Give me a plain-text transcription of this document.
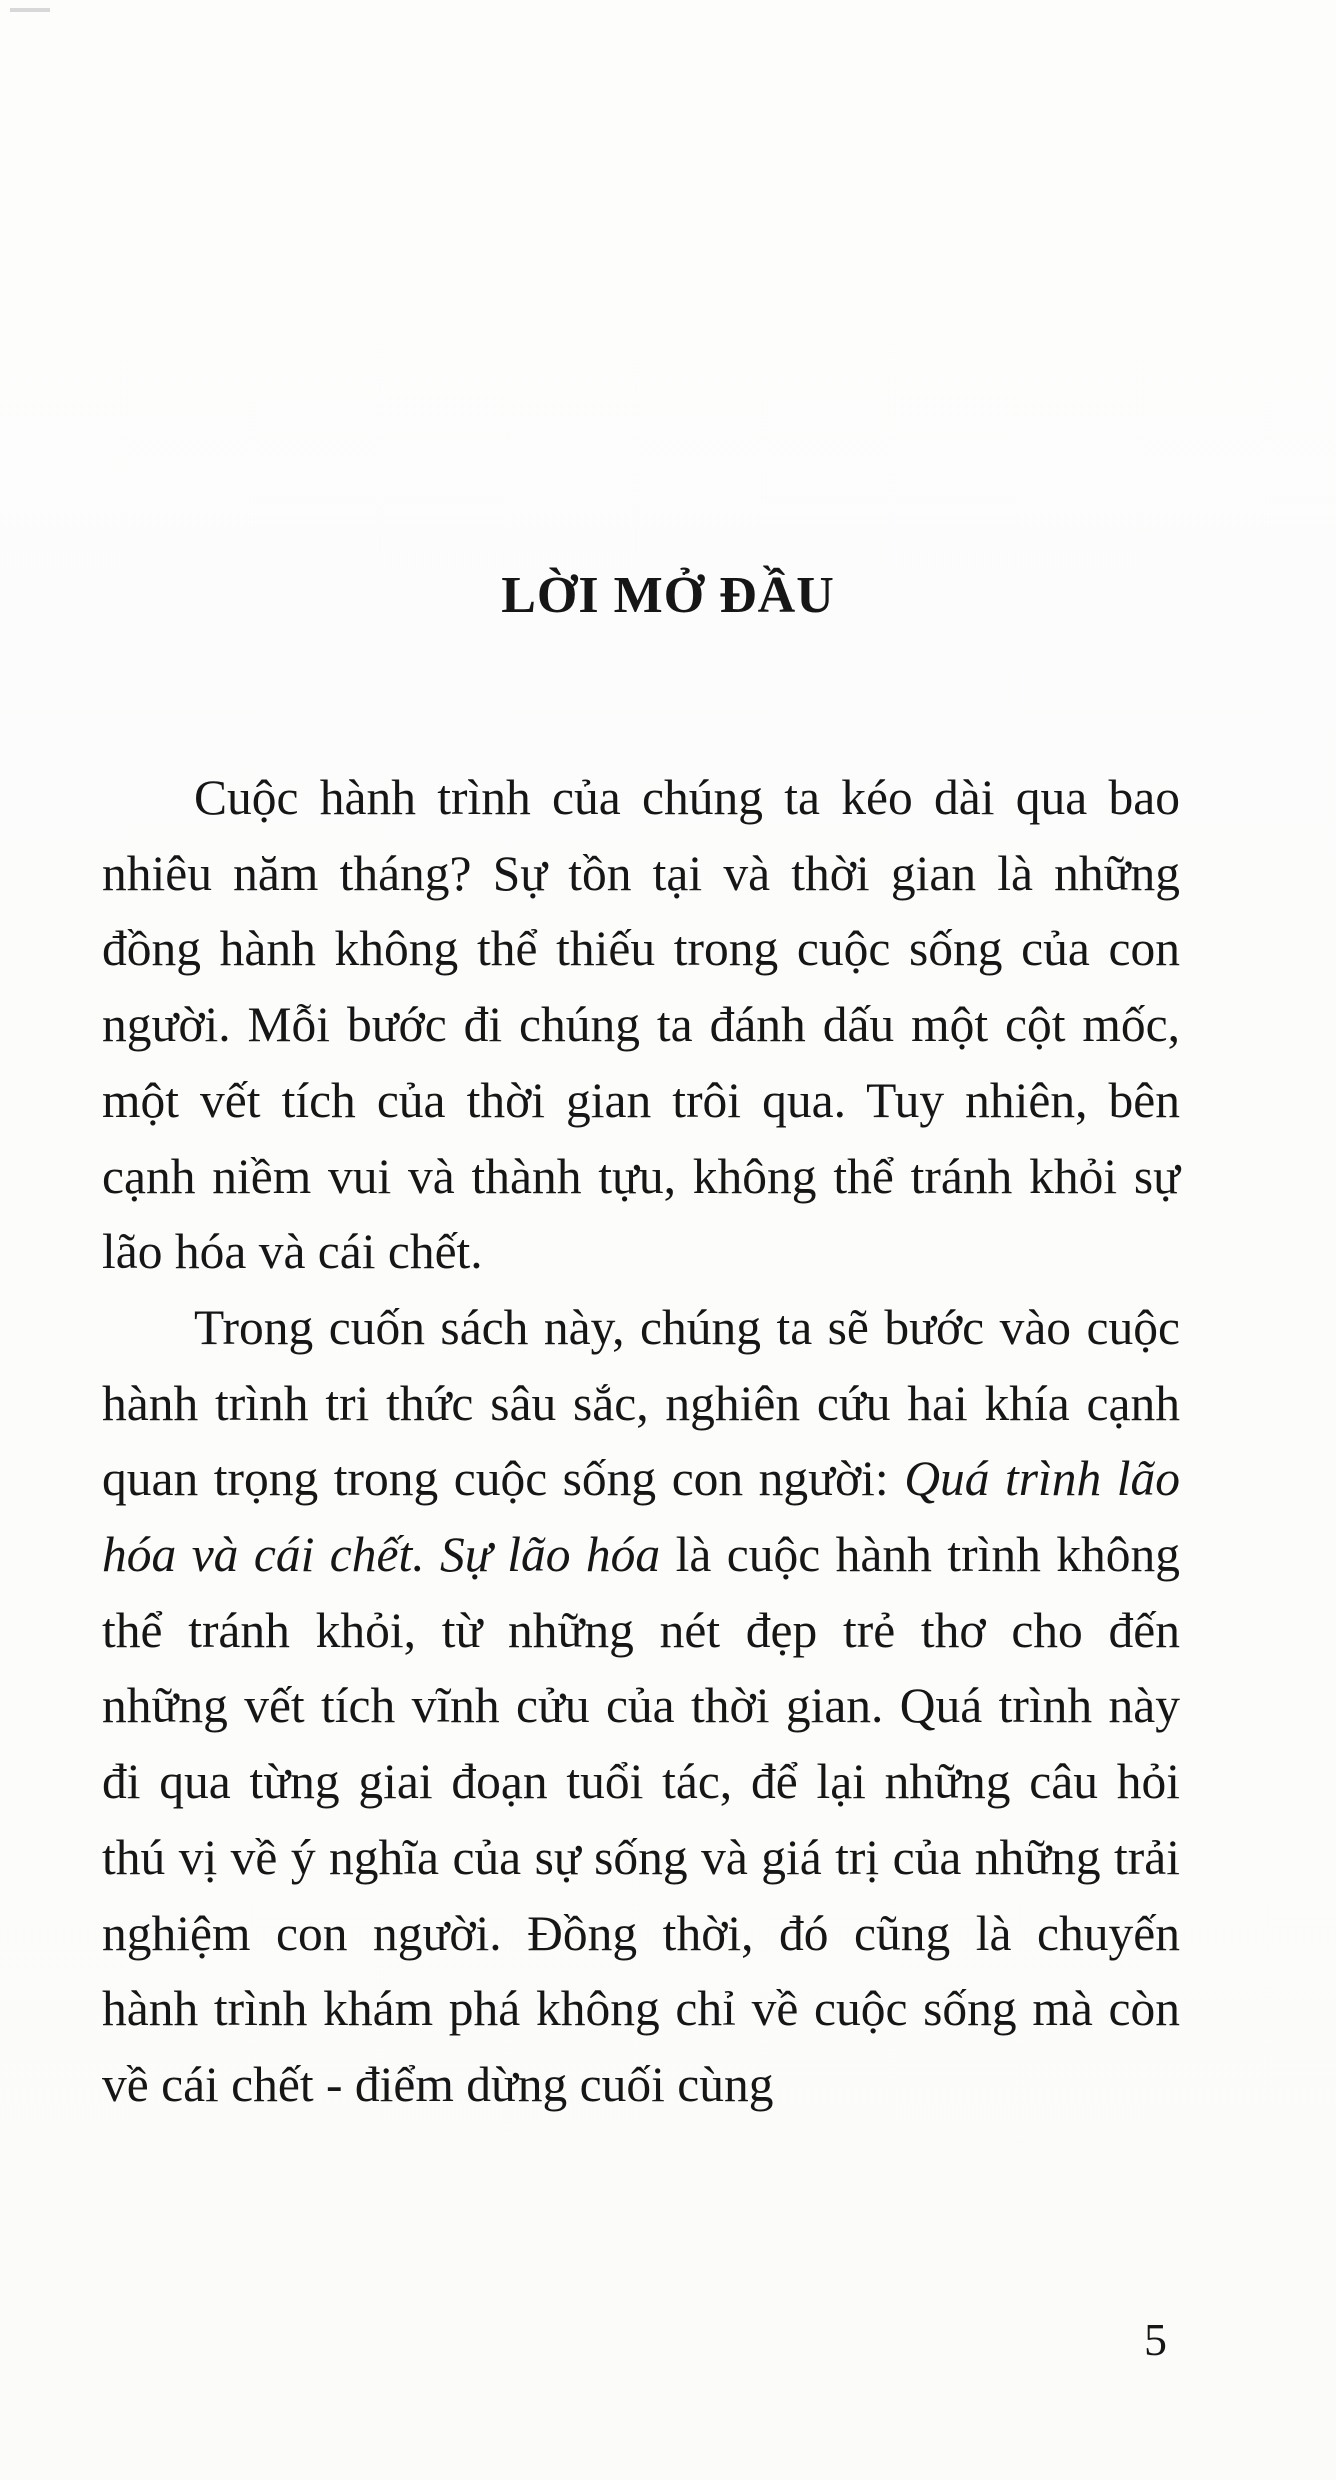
LỜI MỞ ĐẦU

Cuộc hành trình của chúng ta kéo dài qua bao nhiêu năm tháng? Sự tồn tại và thời gian là những đồng hành không thể thiếu trong cuộc sống của con người. Mỗi bước đi chúng ta đánh dấu một cột mốc, một vết tích của thời gian trôi qua. Tuy nhiên, bên cạnh niềm vui và thành tựu, không thể tránh khỏi sự lão hóa và cái chết.

Trong cuốn sách này, chúng ta sẽ bước vào cuộc hành trình tri thức sâu sắc, nghiên cứu hai khía cạnh quan trọng trong cuộc sống con người: Quá trình lão hóa và cái chết. Sự lão hóa là cuộc hành trình không thể tránh khỏi, từ những nét đẹp trẻ thơ cho đến những vết tích vĩnh cửu của thời gian. Quá trình này đi qua từng giai đoạn tuổi tác, để lại những câu hỏi thú vị về ý nghĩa của sự sống và giá trị của những trải nghiệm con người. Đồng thời, đó cũng là chuyến hành trình khám phá không chỉ về cuộc sống mà còn về cái chết - điểm dừng cuối cùng

5
